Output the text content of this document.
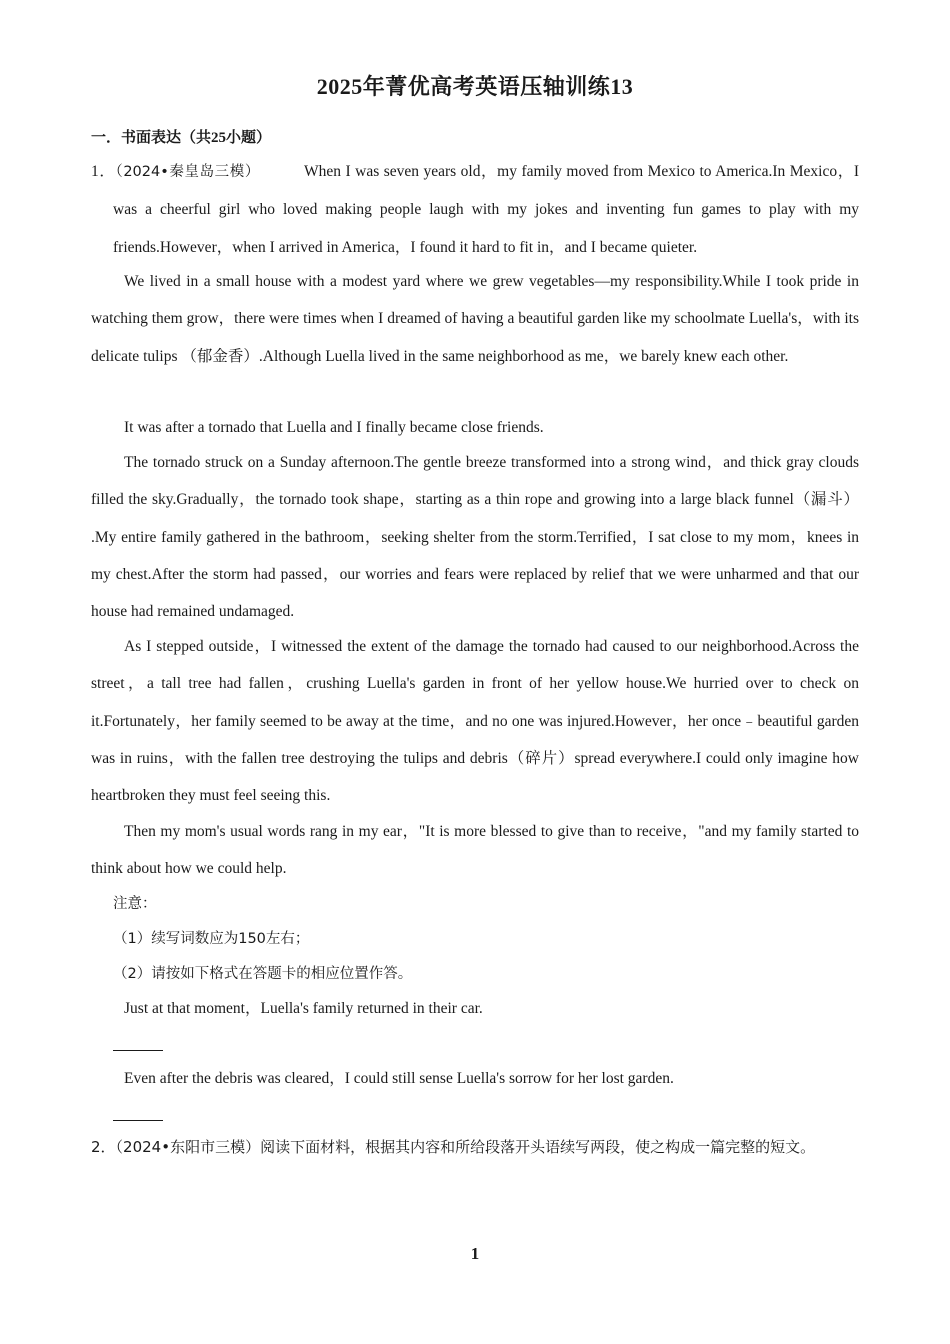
2025年菁优高考英语压轴训练13
一．书面表达（共25小题）

1．（2024•秦皇岛三模）	When I was seven years old，my family moved from Mexico to America.In Mexico，I was a cheerful girl who loved making people laugh with my jokes and inventing fun games to play with my friends.However，when I arrived in America，I found it hard to fit in，and I became quieter.

We lived in a small house with a modest yard where we grew vegetables—my responsibility.While I took pride in watching them grow，there were times when I dreamed of having a beautiful garden like my schoolmate Luella's，with its delicate tulips （郁金香）.Although Luella lived in the same neighborhood as me，we barely knew each other.

It was after a tornado that Luella and I finally became close friends.

The tornado struck on a Sunday afternoon.The gentle breeze transformed into a strong wind，and thick gray clouds filled the sky.Gradually，the tornado took shape，starting as a thin rope and growing into a large black funnel（漏斗） .My entire family gathered in the bathroom，seeking shelter from the storm.Terrified，I sat close to my mom，knees in my chest.After the storm had passed，our worries and fears were replaced by relief that we were unharmed and that our house had remained undamaged.

As I stepped outside，I witnessed the extent of the damage the tornado had caused to our neighborhood.Across the street，a tall tree had fallen，crushing Luella's garden in front of her yellow house.We hurried over to check on it.Fortunately，her family seemed to be away at the time，and no one was injured.However，her once﹣beautiful garden was in ruins，with the fallen tree destroying the tulips and debris（碎片）spread everywhere.I could only imagine how heartbroken they must feel seeing this.

Then my mom's usual words rang in my ear，"It is more blessed to give than to receive，"and my family started to think about how we could help.

注意：

（1）续写词数应为150左右；

（2）请按如下格式在答题卡的相应位置作答。

Just at that moment，Luella's family returned in their car.

Even after the debris was cleared，I could still sense Luella's sorrow for her lost garden.

2．（2024•东阳市三模）阅读下面材料，根据其内容和所给段落开头语续写两段，使之构成一篇完整的短文。

1
